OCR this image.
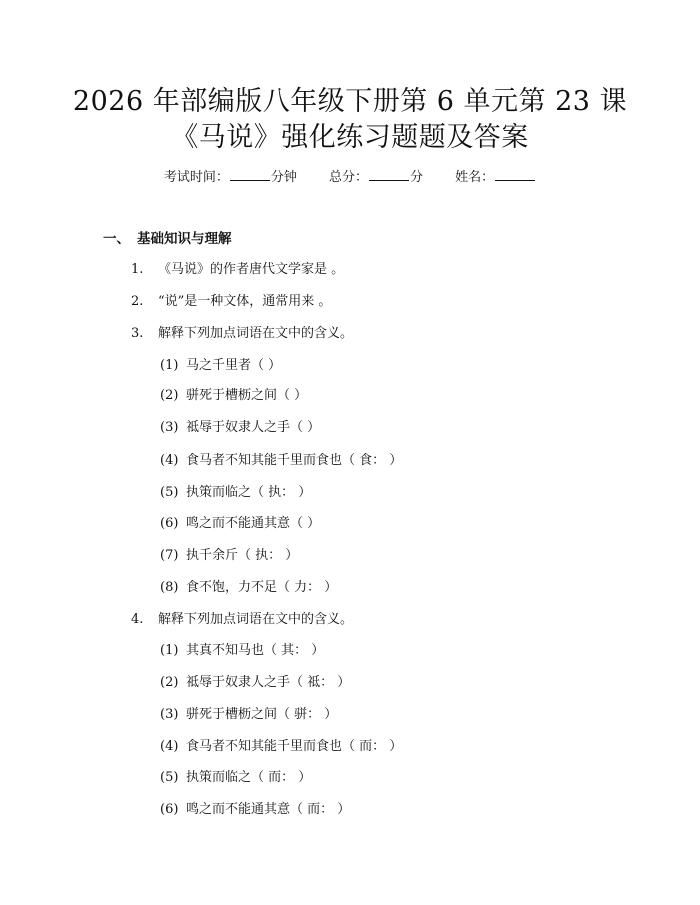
2026 年部编版八年级下册第 6 单元第 23 课
《马说》强化练习题题及答案
考试时间：	分钟 总分：	分 姓名：
一、 基础知识与理解
1. 《马说》的作者唐代文学家是 。
2. “说”是一种文体，通常用来 。
3. 解释下列加点词语在文中的含义。
(1) 马之千里者（ ）
(2) 骈死于槽枥之间（ ）
(3) 祗辱于奴隶人之手（ ）
(4) 食马者不知其能千里而食也（ 食： ）
(5) 执策而临之（ 执： ）
(6) 鸣之而不能通其意（ ）
(7) 执千余斤（ 执： ）
(8) 食不饱，力不足（ 力： ）
4. 解释下列加点词语在文中的含义。
(1) 其真不知马也（ 其： ）
(2) 祗辱于奴隶人之手（ 祗： ）
(3) 骈死于槽枥之间（ 骈： ）
(4) 食马者不知其能千里而食也（ 而： ）
(5) 执策而临之（ 而： ）
(6) 鸣之而不能通其意（ 而： ）
